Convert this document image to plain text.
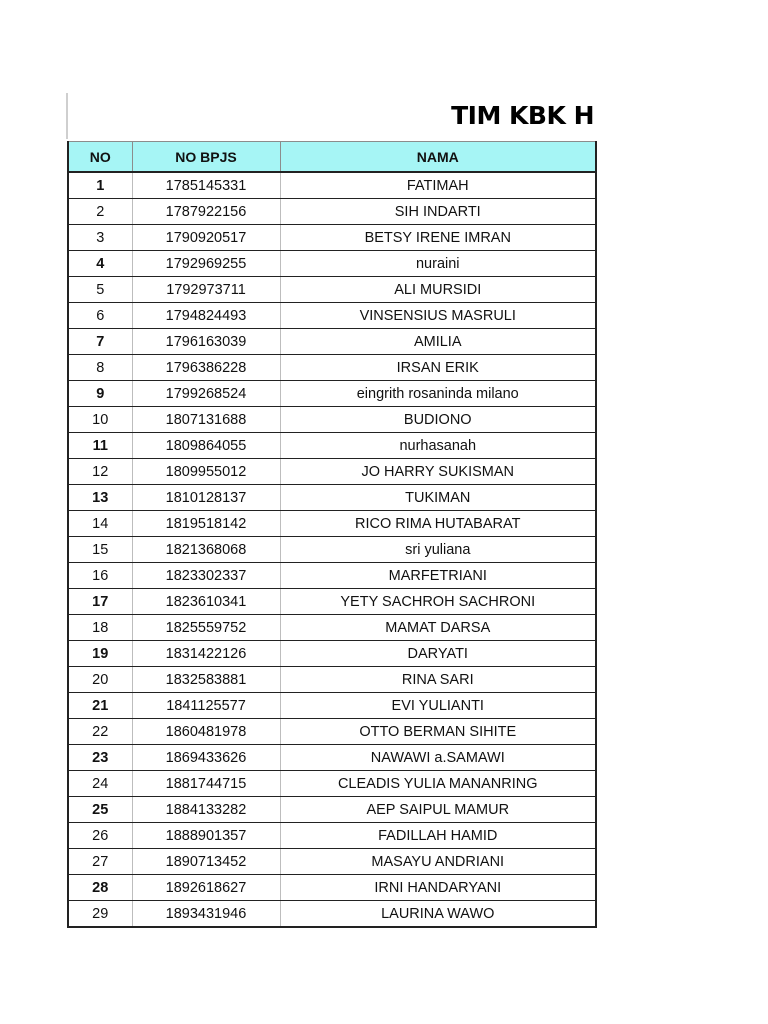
TIM KBK H
NO	NO BPJS	NAMA
1	1785145331	FATIMAH
2	1787922156	SIH INDARTI
3	1790920517	BETSY IRENE IMRAN
4	1792969255	nuraini
5	1792973711	ALI MURSIDI
6	1794824493	VINSENSIUS MASRULI
7	1796163039	AMILIA
8	1796386228	IRSAN ERIK
9	1799268524	eingrith rosaninda milano
10	1807131688	BUDIONO
11	1809864055	nurhasanah
12	1809955012	JO HARRY SUKISMAN
13	1810128137	TUKIMAN
14	1819518142	RICO RIMA HUTABARAT
15	1821368068	sri yuliana
16	1823302337	MARFETRIANI
17	1823610341	YETY SACHROH SACHRONI
18	1825559752	MAMAT DARSA
19	1831422126	DARYATI
20	1832583881	RINA SARI
21	1841125577	EVI YULIANTI
22	1860481978	OTTO BERMAN SIHITE
23	1869433626	NAWAWI a.SAMAWI
24	1881744715	CLEADIS YULIA MANANRING
25	1884133282	AEP SAIPUL MAMUR
26	1888901357	FADILLAH HAMID
27	1890713452	MASAYU ANDRIANI
28	1892618627	IRNI HANDARYANI
29	1893431946	LAURINA WAWO
